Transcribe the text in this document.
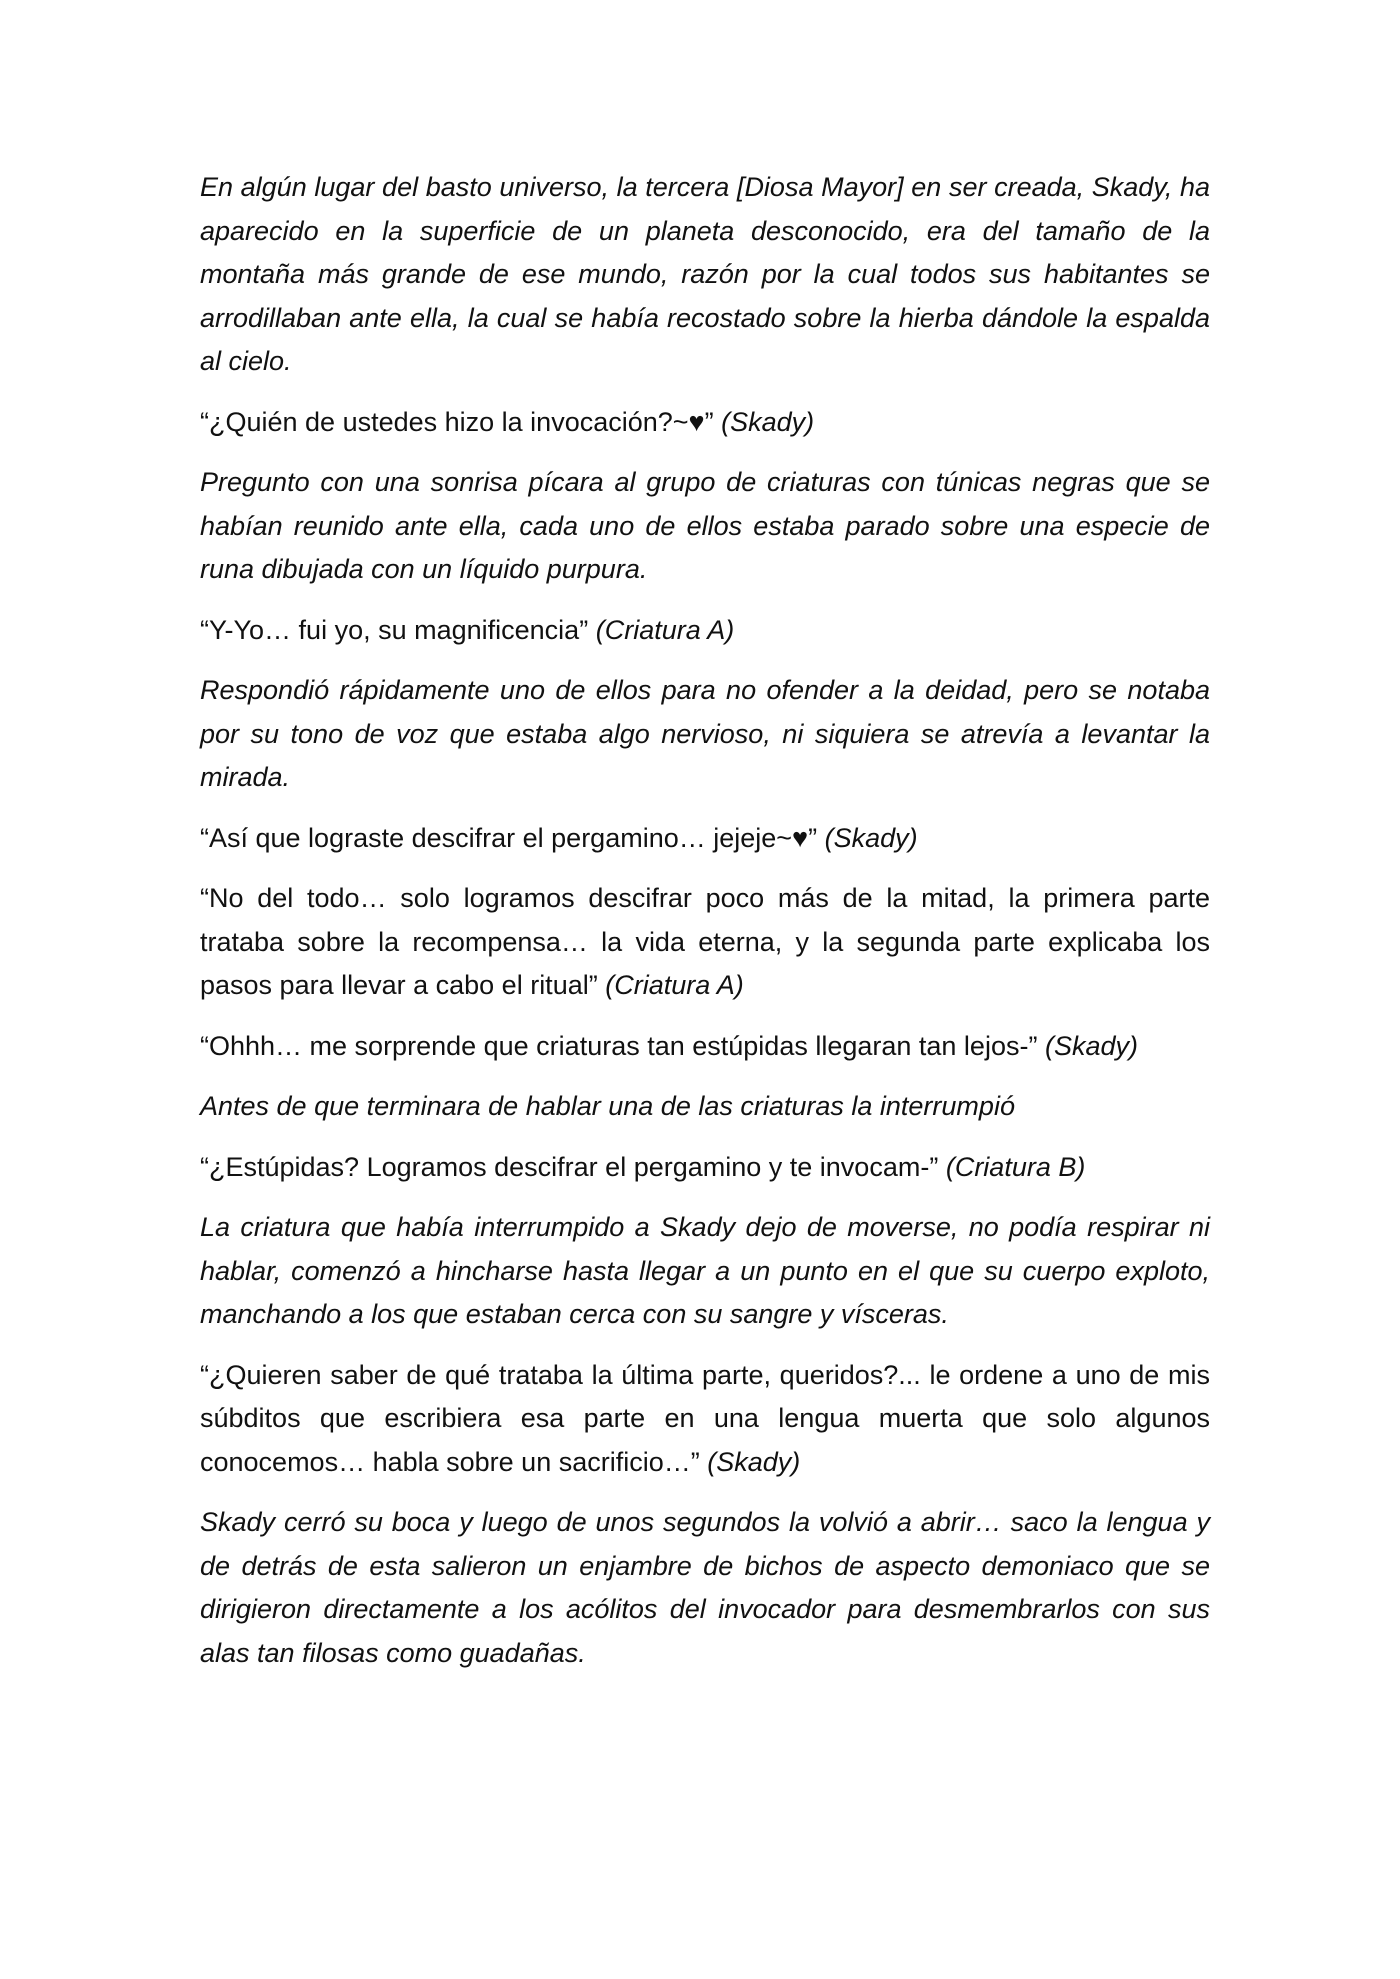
En algún lugar del basto universo, la tercera [Diosa Mayor] en ser creada, Skady, ha aparecido en la superficie de un planeta desconocido, era del tamaño de la montaña más grande de ese mundo, razón por la cual todos sus habitantes se arrodillaban ante ella, la cual se había recostado sobre la hierba dándole la espalda al cielo.

“¿Quién de ustedes hizo la invocación?~♥” (Skady)

Pregunto con una sonrisa pícara al grupo de criaturas con túnicas negras que se habían reunido ante ella, cada uno de ellos estaba parado sobre una especie de runa dibujada con un líquido purpura.

“Y-Yo… fui yo, su magnificencia” (Criatura A)

Respondió rápidamente uno de ellos para no ofender a la deidad, pero se notaba por su tono de voz que estaba algo nervioso, ni siquiera se atrevía a levantar la mirada.

“Así que lograste descifrar el pergamino… jejeje~♥” (Skady)

“No del todo… solo logramos descifrar poco más de la mitad, la primera parte trataba sobre la recompensa… la vida eterna, y la segunda parte explicaba los pasos para llevar a cabo el ritual” (Criatura A)

“Ohhh… me sorprende que criaturas tan estúpidas llegaran tan lejos-” (Skady)

Antes de que terminara de hablar una de las criaturas la interrumpió

“¿Estúpidas? Logramos descifrar el pergamino y te invocam-” (Criatura B)

La criatura que había interrumpido a Skady dejo de moverse, no podía respirar ni hablar, comenzó a hincharse hasta llegar a un punto en el que su cuerpo exploto, manchando a los que estaban cerca con su sangre y vísceras.

“¿Quieren saber de qué trataba la última parte, queridos?... le ordene a uno de mis súbditos que escribiera esa parte en una lengua muerta que solo algunos conocemos… habla sobre un sacrificio…” (Skady)

Skady cerró su boca y luego de unos segundos la volvió a abrir… saco la lengua y de detrás de esta salieron un enjambre de bichos de aspecto demoniaco que se dirigieron directamente a los acólitos del invocador para desmembrarlos con sus alas tan filosas como guadañas.
